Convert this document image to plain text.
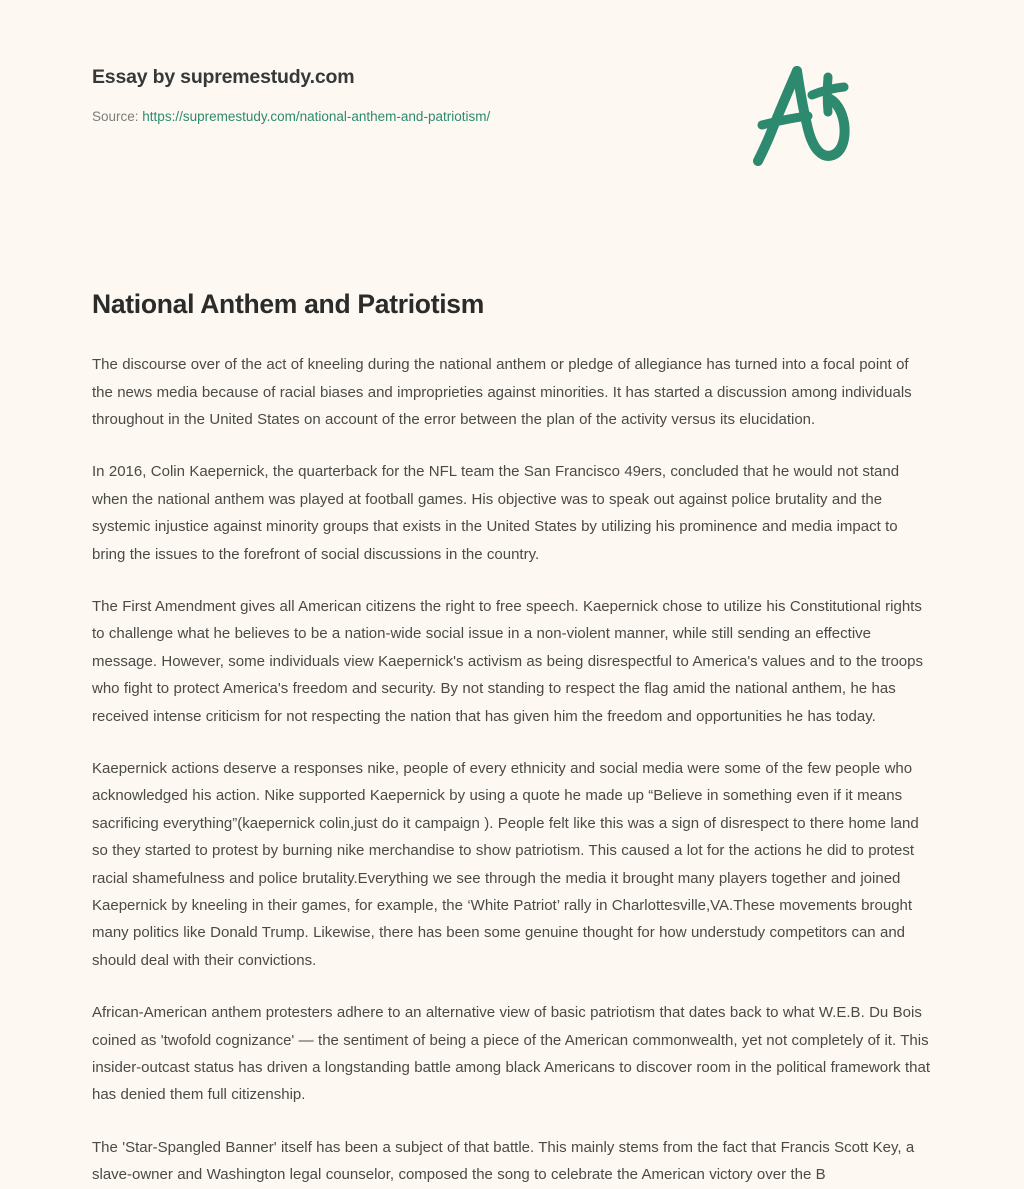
Essay by supremestudy.com
Source: https://supremestudy.com/national-anthem-and-patriotism/
National Anthem and Patriotism

The discourse over of the act of kneeling during the national anthem or pledge of allegiance has turned into a focal point of the news media because of racial biases and improprieties against minorities. It has started a discussion among individuals throughout in the United States on account of the error between the plan of the activity versus its elucidation.

In 2016, Colin Kaepernick, the quarterback for the NFL team the San Francisco 49ers, concluded that he would not stand when the national anthem was played at football games. His objective was to speak out against police brutality and the systemic injustice against minority groups that exists in the United States by utilizing his prominence and media impact to bring the issues to the forefront of social discussions in the country.

The First Amendment gives all American citizens the right to free speech. Kaepernick chose to utilize his Constitutional rights to challenge what he believes to be a nation-wide social issue in a non-violent manner, while still sending an effective message. However, some individuals view Kaepernick's activism as being disrespectful to America's values and to the troops who fight to protect America's freedom and security. By not standing to respect the flag amid the national anthem, he has received intense criticism for not respecting the nation that has given him the freedom and opportunities he has today.

Kaepernick actions deserve a responses nike, people of every ethnicity and social media were some of the few people who acknowledged his action. Nike supported Kaepernick by using a quote he made up “Believe in something even if it means sacrificing everything”(kaepernick colin,just do it campaign ). People felt like this was a sign of disrespect to there home land so they started to protest by burning nike merchandise to show patriotism. This caused a lot for the actions he did to protest racial shamefulness and police brutality.Everything we see through the media it brought many players together and joined Kaepernick by kneeling in their games, for example, the ‘White Patriot’ rally in Charlottesville,VA.These movements brought many politics like Donald Trump. Likewise, there has been some genuine thought for how understudy competitors can and should deal with their convictions.

African-American anthem protesters adhere to an alternative view of basic patriotism that dates back to what W.E.B. Du Bois coined as 'twofold cognizance' — the sentiment of being a piece of the American commonwealth, yet not completely of it. This insider-outcast status has driven a longstanding battle among black Americans to discover room in the political framework that has denied them full citizenship.

The 'Star-Spangled Banner' itself has been a subject of that battle. This mainly stems from the fact that Francis Scott Key, a slave-owner and Washington legal counselor, composed the song to celebrate the American victory over the B
